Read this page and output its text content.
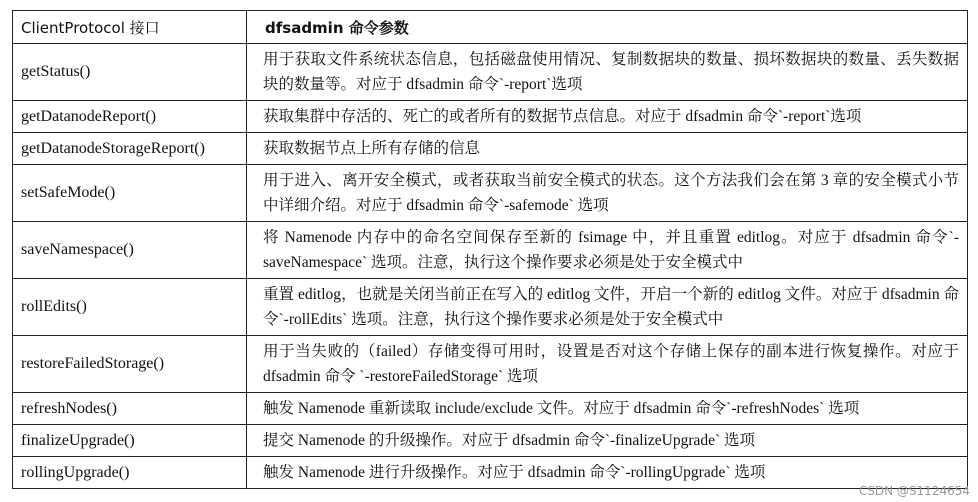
ClientProtocol 接口	dfsadmin 命令参数
getStatus()	用于获取文件系统状态信息，包括磁盘使用情况、复制数据块的数量、损坏数据块的数量、丢失数据块的数量等。对应于 dfsadmin 命令`-report`选项
getDatanodeReport()	获取集群中存活的、死亡的或者所有的数据节点信息。对应于 dfsadmin 命令`-report`选项
getDatanodeStorageReport()	获取数据节点上所有存储的信息
setSafeMode()	用于进入、离开安全模式，或者获取当前安全模式的状态。这个方法我们会在第 3 章的安全模式小节中详细介绍。对应于 dfsadmin 命令`-safemode` 选项
saveNamespace()	将 Namenode 内存中的命名空间保存至新的 fsimage 中，并且重置 editlog。对应于 dfsadmin 命令`-saveNamespace` 选项。注意，执行这个操作要求必须是处于安全模式中
rollEdits()	重置 editlog，也就是关闭当前正在写入的 editlog 文件，开启一个新的 editlog 文件。对应于 dfsadmin 命令`-rollEdits` 选项。注意，执行这个操作要求必须是处于安全模式中
restoreFailedStorage()	用于当失败的（failed）存储变得可用时，设置是否对这个存储上保存的副本进行恢复操作。对应于 dfsadmin 命令 `-restoreFailedStorage` 选项
refreshNodes()	触发 Namenode 重新读取 include/exclude 文件。对应于 dfsadmin 命令`-refreshNodes` 选项
finalizeUpgrade()	提交 Namenode 的升级操作。对应于 dfsadmin 命令`-finalizeUpgrade` 选项
rollingUpgrade()	触发 Namenode 进行升级操作。对应于 dfsadmin 命令`-rollingUpgrade` 选项
CSDN @S1124654
